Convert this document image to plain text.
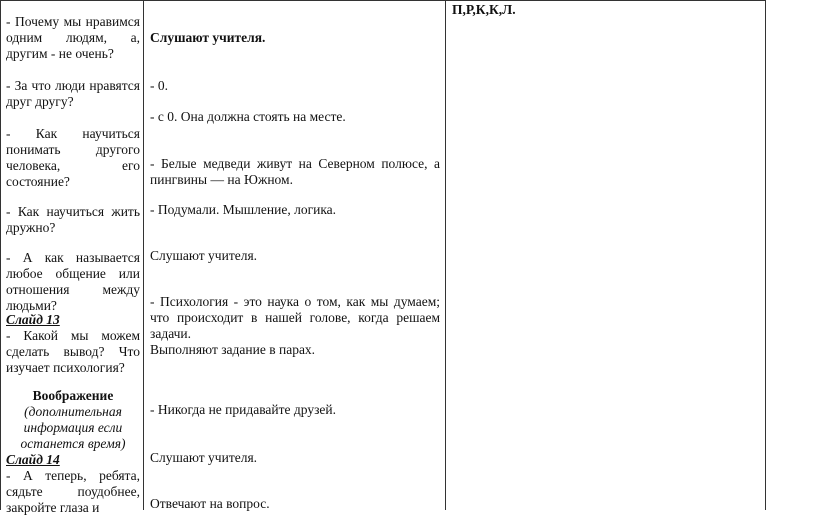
- Почему мы нравимся одним людям, а, другим - не очень?
- За что люди нравятся друг другу?
- Как научиться понимать другого человека, его состояние?
- Как научиться жить дружно?
- А как называется любое общение или отношения между людьми?
Слайд 13
- Какой мы можем сделать вывод? Что изучает психология?
Воображение
(дополнительная информация если останется время)
Слайд 14
- А теперь, ребята, сядьте поудобнее, закройте глаза и
Слушают учителя.
- 0.
- с 0. Она должна стоять на месте.
- Белые медведи живут на Северном полюсе, а пингвины — на Южном.
- Подумали. Мышление, логика.
Слушают учителя.
- Психология - это наука о том, как мы думаем; что происходит в нашей голове, когда решаем задачи.
Выполняют задание в парах.
- Никогда не придавайте друзей.
Слушают учителя.
Отвечают на вопрос.
П,Р,К,К,Л.
